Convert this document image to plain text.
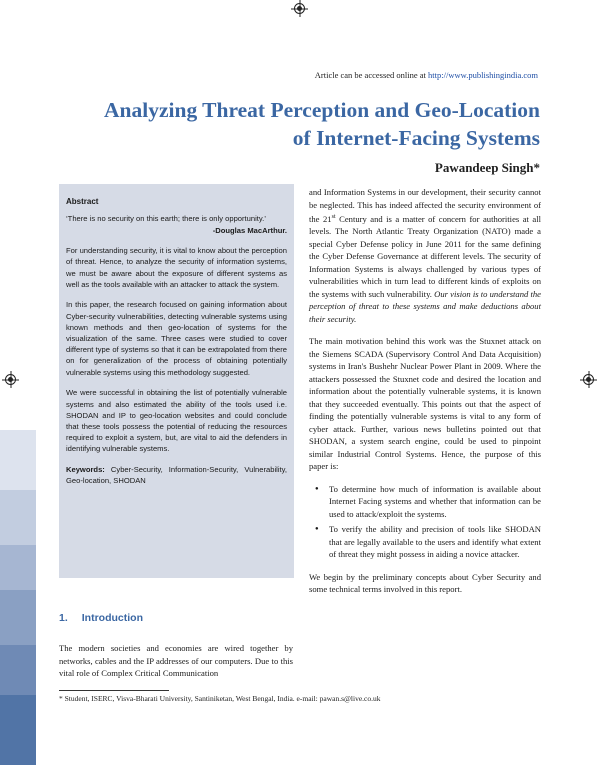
Article can be accessed online at http://www.publishingindia.com
Analyzing Threat Perception and Geo-Location
of Internet-Facing Systems
Pawandeep Singh*
Abstract

‘There is no security on this earth; there is only opportunity.’

-Douglas MacArthur.

For understanding security, it is vital to know about the perception of threat. Hence, to analyze the security of information systems, we must be aware about the exposure of different systems as well as the tools available with an attacker to attack the system.

In this paper, the research focused on gaining information about Cyber-security vulnerabilities, detecting vulnerable systems using known methods and then geo-location of systems for the visualization of the same. Three cases were studied to cover different type of systems so that it can be extrapolated from there on for generalization of the process of obtaining potentially vulnerable systems using this methodology suggested.

We were successful in obtaining the list of potentially vulnerable systems and also estimated the ability of the tools used i.e. SHODAN and IP to geo-location websites and could conclude that these tools possess the potential of reducing the resources required to exploit a system, but, are vital to aid the defenders in identifying vulnerable systems.

Keywords: Cyber-Security, Information-Security, Vulnerability, Geo-location, SHODAN

1. Introduction

The modern societies and economies are wired together by networks, cables and the IP addresses of our computers. Due to this vital role of Complex Critical Communication

and Information Systems in our development, their security cannot be neglected. This has indeed affected the security environment of the 21st Century and is a matter of concern for authorities at all levels. The North Atlantic Treaty Organization (NATO) made a special Cyber Defense policy in June 2011 for the same defining the Cyber Defense Governance at different levels. The security of Information Systems is always challenged by various types of vulnerabilities which in turn lead to different kinds of exploits on the systems with such vulnerability. Our vision is to understand the perception of threat to these systems and make deductions about their security.

The main motivation behind this work was the Stuxnet attack on the Siemens SCADA (Supervisory Control And Data Acquisition) systems in Iran's Bushehr Nuclear Power Plant in 2009. Where the attackers possessed the Stuxnet code and desired the location and information about the potentially vulnerable systems, it is known that they succeeded eventually. This points out that the aspect of finding the potentially vulnerable systems is vital to any form of cyber attack. Further, various news bulletins pointed out that SHODAN, a system search engine, could be used to pinpoint similar Industrial Control Systems. Hence, the purpose of this paper is:

● To determine how much of information is available about Internet Facing systems and whether that information can be used to attack/exploit the systems.
● To verify the ability and precision of tools like SHODAN that are legally available to the users and identify what extent of threat they might possess in aiding a novice attacker.

We begin by the preliminary concepts about Cyber Security and some technical terms involved in this report.

* Student, ISERC, Visva-Bharati University, Santiniketan, West Bengal, India. e-mail: pawan.s@live.co.uk
